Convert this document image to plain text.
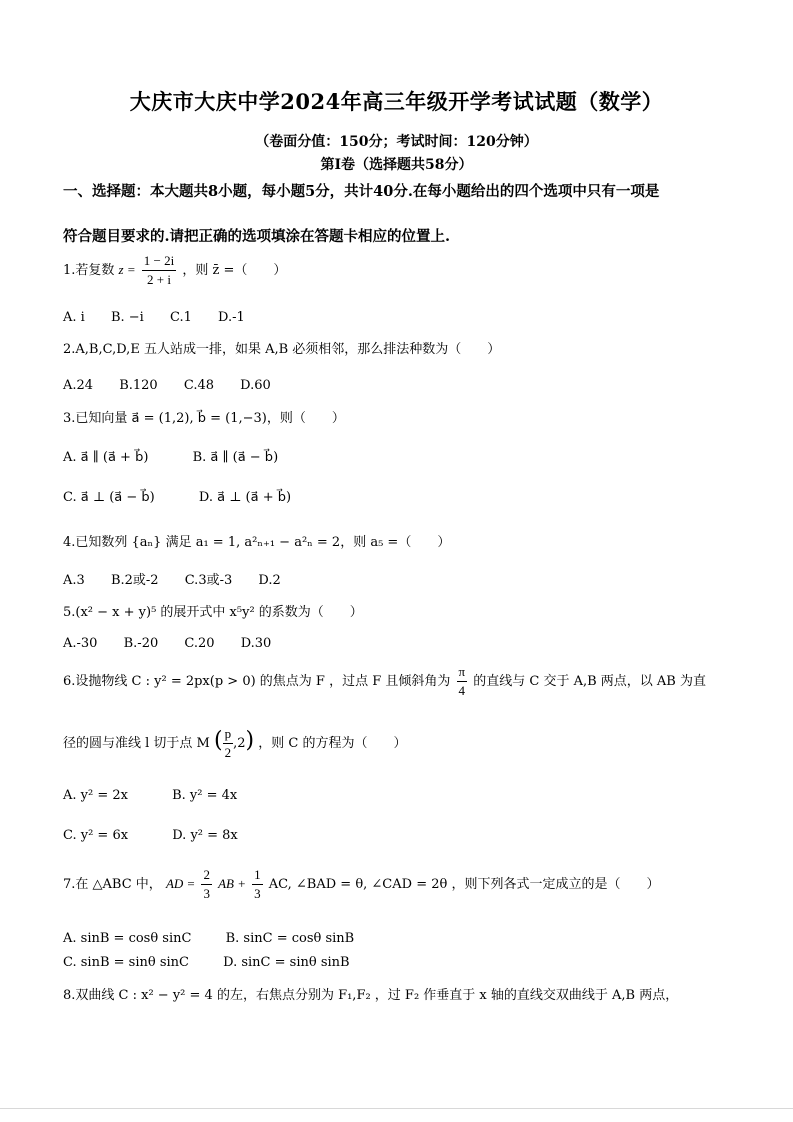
大庆市大庆中学2024年高三年级开学考试试题（数学）
（卷面分值：150分；考试时间：120分钟）
第I卷（选择题共58分）
一、选择题：本大题共8小题，每小题5分，共计40分.在每小题给出的四个选项中只有一项是
符合题目要求的.请把正确的选项填涂在答题卡相应的位置上.
1.若复数 $z = \frac{1 - 2i}{2 + i}$ ，则 z̄ =（　　）
A. i B. −i C.1 D.-1
2.A,B,C,D,E 五人站成一排，如果 A,B 必须相邻，那么排法种数为（　　）
A.24 B.120 C.48 D.60
3.已知向量 a⃗ = (1,2), b⃗ = (1,−3)，则（　　）
A. a⃗ ∥ (a⃗ + b⃗)	B. a⃗ ∥ (a⃗ − b⃗)
C. a⃗ ⊥ (a⃗ − b⃗)	D. a⃗ ⊥ (a⃗ + b⃗)
4.已知数列 {aₙ} 满足 a₁ = 1, a²ₙ₊₁ − a²ₙ = 2，则 a₅ =（　　）
A.3 B.2或-2 C.3或-3 D.2
5.(x² − x + y)⁵ 的展开式中 x⁵y² 的系数为（　　）
A.-30 B.-20 C.20 D.30
6.设抛物线 C : y² = 2px(p > 0) 的焦点为 F ，过点 F 且倾斜角为 $\frac{\pi}{4}$ 的直线与 C 交于 A,B 两点，以 AB 为直
径的圆与准线 l 切于点 M ( $\frac{p}{2} ,2$) ，则 C 的方程为（　　）
A. y² = 2x	B. y² = 4x
C. y² = 6x	D. y² = 8x
7.在 △ABC 中， AD = $\frac{2}{3}$ AB + $\frac{1}{3}$ AC, ∠BAD = θ, ∠CAD = 2θ ，则下列各式一定成立的是（　　）
A. sinB = cosθ sinC	B. sinC = cosθ sinB
C. sinB = sinθ sinC	D. sinC = sinθ sinB
8.双曲线 C : x² − y² = 4 的左，右焦点分别为 F₁,F₂ ，过 F₂ 作垂直于 x 轴的直线交双曲线于 A,B 两点，
